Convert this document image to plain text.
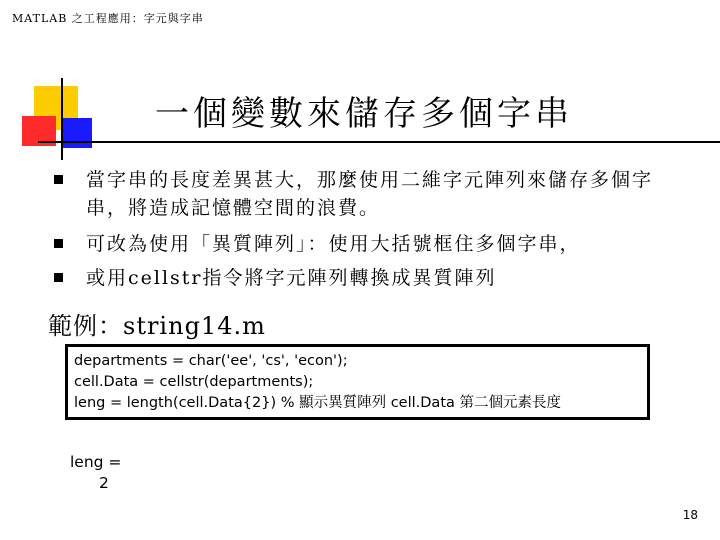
MATLAB 之工程應用：字元與字串
一個變數來儲存多個字串
當字串的長度差異甚大，那麼使用二維字元陣列來儲存多個字串，將造成記憶體空間的浪費。
可改為使用「異質陣列」：使用大括號框住多個字串，
或用cellstr指令將字元陣列轉換成異質陣列
範例：string14.m
departments = char('ee', 'cs', 'econ');
cell.Data = cellstr(departments);
leng = length(cell.Data{2}) % 顯示異質陣列 cell.Data 第二個元素長度
leng =
2
18
